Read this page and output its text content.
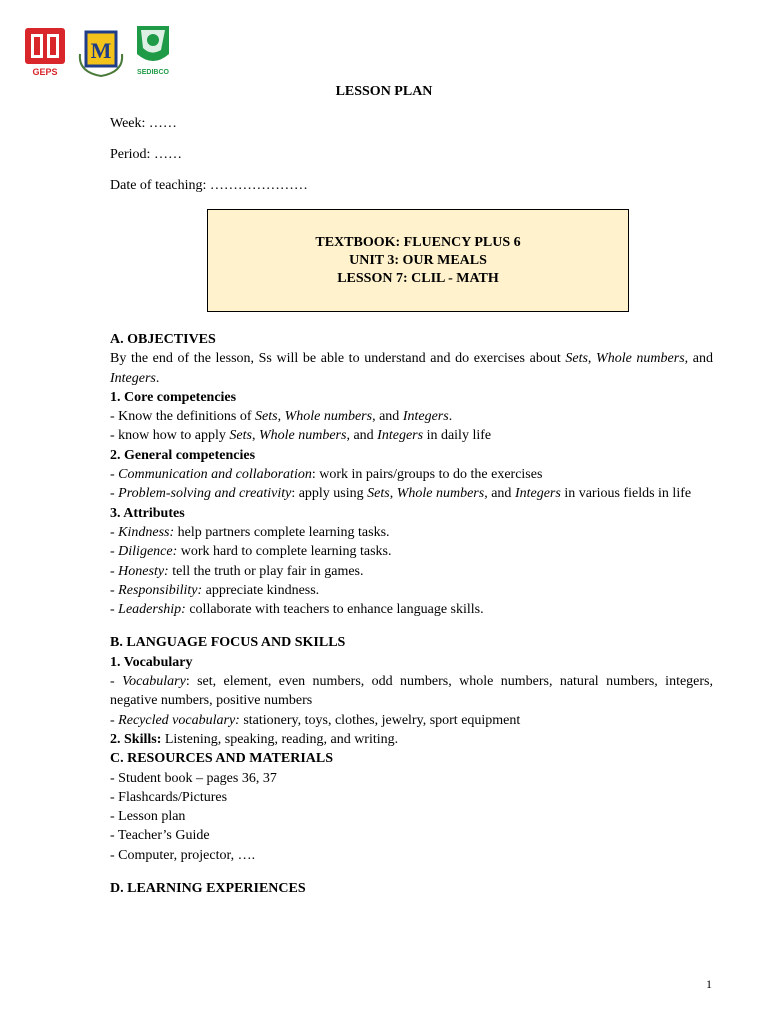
GEPS
M
SEDIBCO
LESSON PLAN
Week: ……
Period: ……
Date of teaching: …………………
TEXTBOOK: FLUENCY PLUS 6
UNIT 3: OUR MEALS
LESSON 7: CLIL - MATH

A. OBJECTIVES

By the end of the lesson, Ss will be able to understand and do exercises about Sets, Whole numbers, and Integers.

1. Core competencies

- Know the definitions of Sets, Whole numbers, and Integers.

- know how to apply Sets, Whole numbers, and Integers in daily life

2. General competencies

- Communication and collaboration: work in pairs/groups to do the exercises

- Problem-solving and creativity: apply using Sets, Whole numbers, and Integers in various fields in life

3. Attributes

- Kindness: help partners complete learning tasks.

- Diligence: work hard to complete learning tasks.

- Honesty: tell the truth or play fair in games.

- Responsibility: appreciate kindness.

- Leadership: collaborate with teachers to enhance language skills.

B. LANGUAGE FOCUS AND SKILLS

1. Vocabulary

- Vocabulary: set, element, even numbers, odd numbers, whole numbers, natural numbers, integers, negative numbers, positive numbers

- Recycled vocabulary: stationery, toys, clothes, jewelry, sport equipment

2. Skills: Listening, speaking, reading, and writing.

C. RESOURCES AND MATERIALS

- Student book – pages 36, 37

- Flashcards/Pictures

- Lesson plan

- Teacher’s Guide

- Computer, projector, ….

D. LEARNING EXPERIENCES

1
